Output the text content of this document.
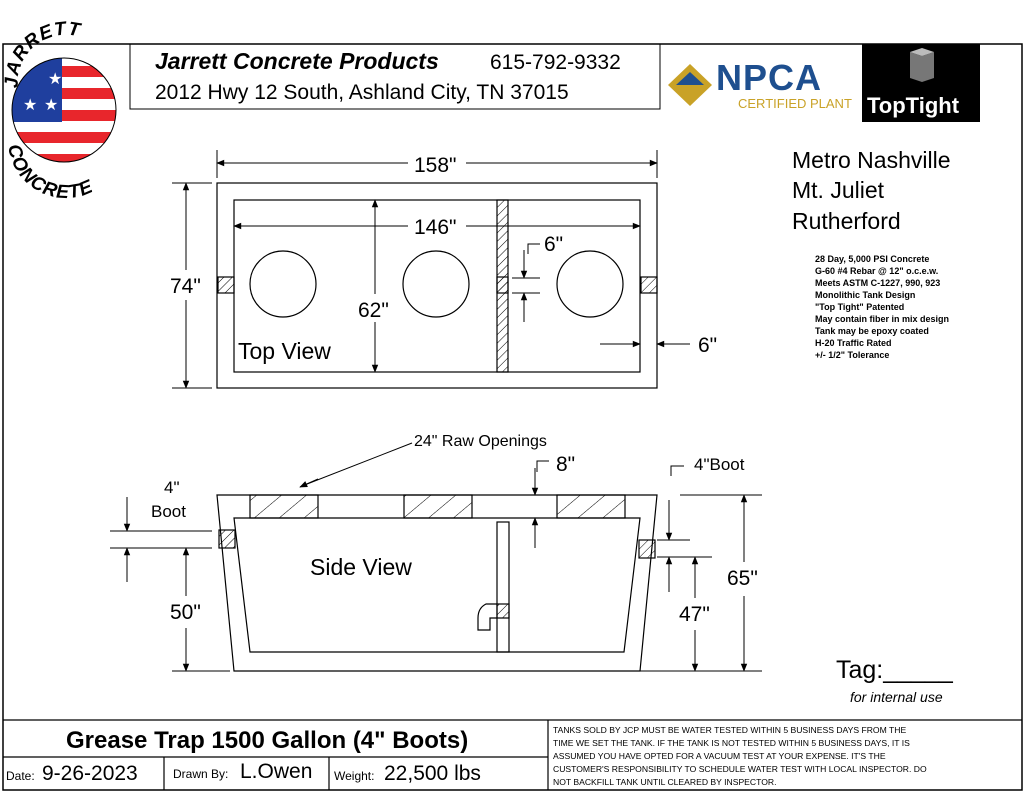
★
★ ★
JARRETT
CONCRETE
Jarrett Concrete Products 615-792-9332
2012 Hwy 12 South, Ashland City, TN 37015	NPCA
CERTIFIED PLANT TopTight
Metro Nashville
Mt. Juliet
Rutherford
28 Day, 5,000 PSI Concrete
G-60 #4 Rebar @ 12" o.c.e.w.
Meets ASTM C-1227, 990, 923
Monolithic Tank Design
"Top Tight" Patented
May contain fiber in mix design
Tank may be epoxy coated
H-20 Traffic Rated
+/- 1/2" Tolerance
158"
146"
74"
62"
6"
6"
Top View
24" Raw Openings
8"	4"Boot
4"
Boot
50"
65"
47"
Side View
Tag:_____
for internal use
Grease Trap 1500 Gallon (4" Boots)
Date: 9-26-2023	Drawn By: L.Owen Weight: 22,500 lbs
TANKS SOLD BY JCP MUST BE WATER TESTED WITHIN 5 BUSINESS DAYS FROM THE
TIME WE SET THE TANK. IF THE TANK IS NOT TESTED WITHIN 5 BUSINESS DAYS, IT IS
ASSUMED YOU HAVE OPTED FOR A VACUUM TEST AT YOUR EXPENSE. IT'S THE
CUSTOMER'S RESPONSIBILITY TO SCHEDULE WATER TEST WITH LOCAL INSPECTOR. DO
NOT BACKFILL TANK UNTIL CLEARED BY INSPECTOR.
